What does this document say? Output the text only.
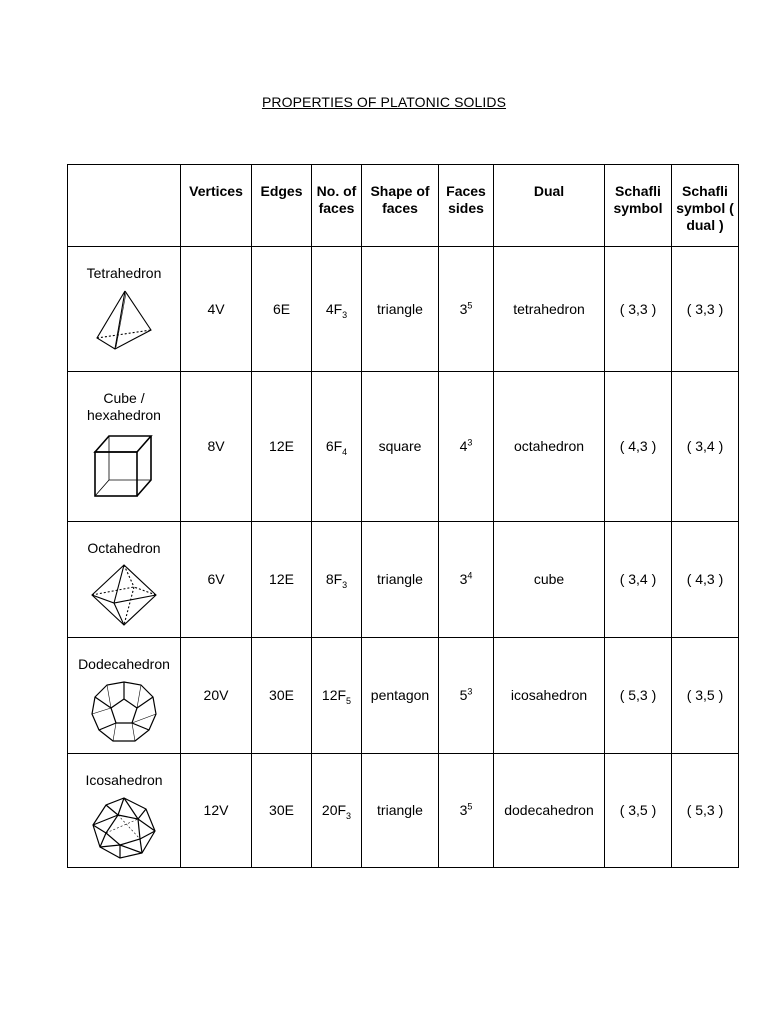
PROPERTIES OF PLATONIC SOLIDS
	Vertices	Edges	No. of faces	Shape of faces	Faces sides	Dual	Schafli symbol	Schafli symbol ( dual )

Tetrahedron	4V	6E	$4F_3$	triangle	$3^5$	tetrahedron	( 3,3 )	( 3,3 )

Cube / hexahedron	8V	12E	$6F_4$	square	$4^3$	octahedron	( 4,3 )	( 3,4 )

Octahedron	6V	12E	$8F_3$	triangle	$3^4$	cube	( 3,4 )	( 4,3 )

Dodecahedron	20V	30E	$12F_5$	pentagon	$5^3$	icosahedron	( 5,3 )	( 3,5 )

Icosahedron	12V	30E	$20F_3$	triangle	$3^5$	dodecahedron	( 3,5 )	( 5,3 )
